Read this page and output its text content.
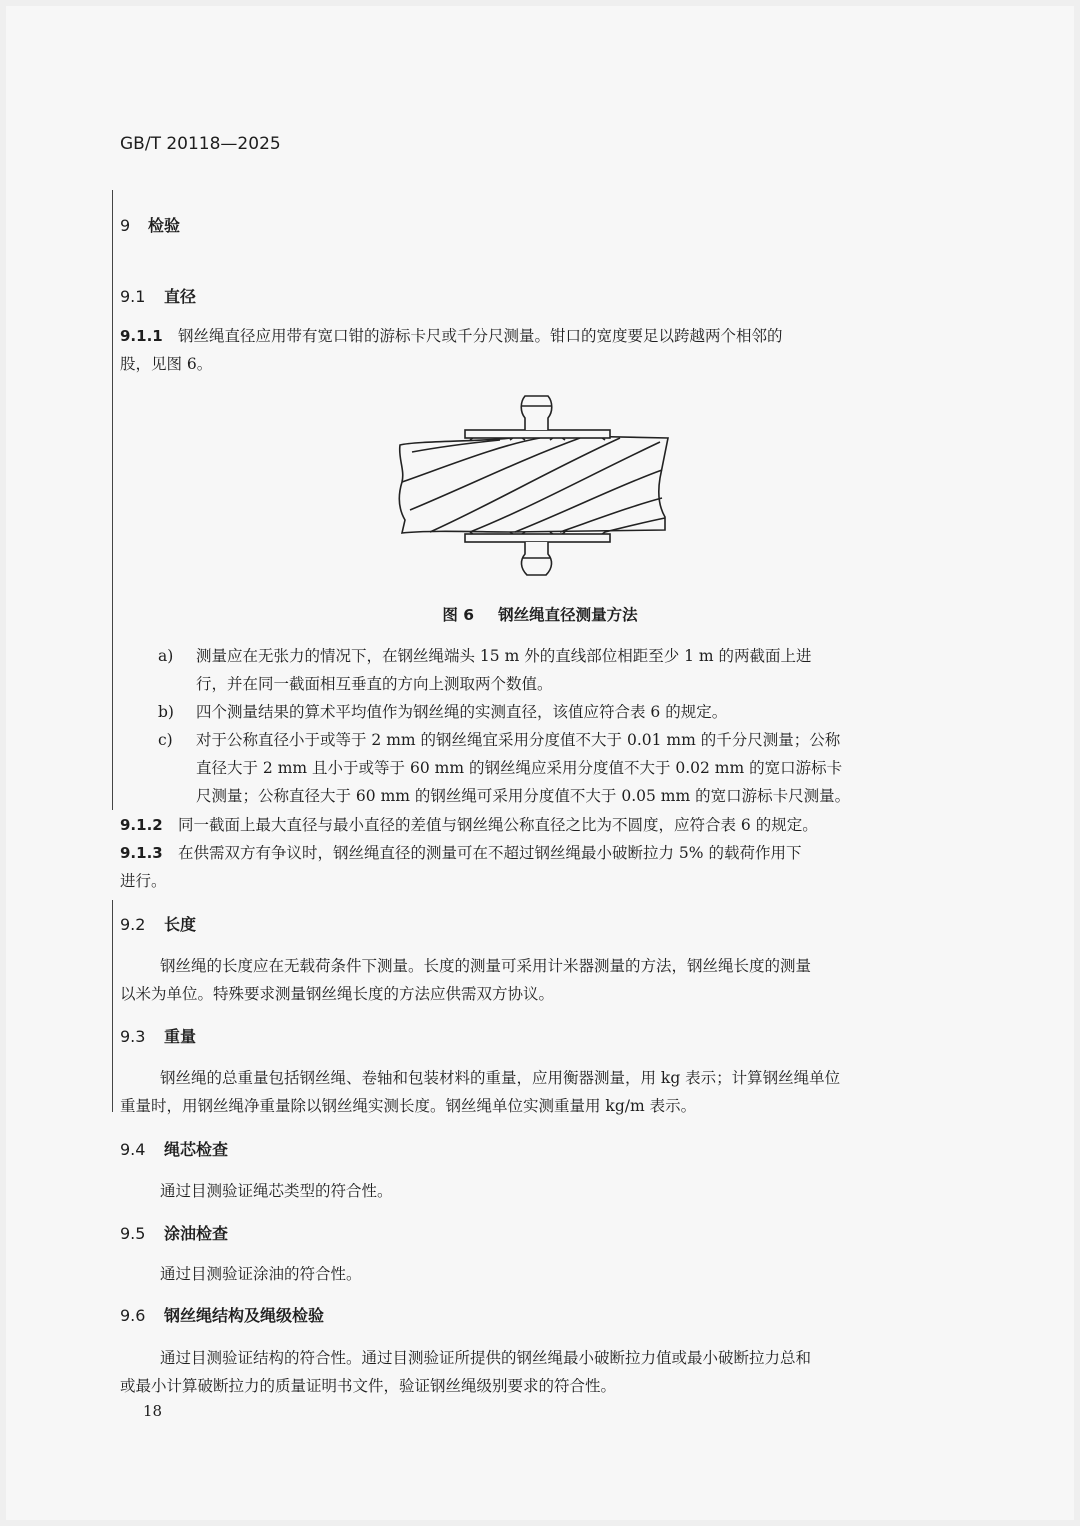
GB/T 20118—2025
9 检验
9.1 直径
9.1.1 钢丝绳直径应用带有宽口钳的游标卡尺或千分尺测量。钳口的宽度要足以跨越两个相邻的
股，见图 6。
图 6 钢丝绳直径测量方法
a) 测量应在无张力的情况下，在钢丝绳端头 15 m 外的直线部位相距至少 1 m 的两截面上进
行，并在同一截面相互垂直的方向上测取两个数值。
b) 四个测量结果的算术平均值作为钢丝绳的实测直径，该值应符合表 6 的规定。
c) 对于公称直径小于或等于 2 mm 的钢丝绳宜采用分度值不大于 0.01 mm 的千分尺测量；公称
直径大于 2 mm 且小于或等于 60 mm 的钢丝绳应采用分度值不大于 0.02 mm 的宽口游标卡
尺测量；公称直径大于 60 mm 的钢丝绳可采用分度值不大于 0.05 mm 的宽口游标卡尺测量。
9.1.2 同一截面上最大直径与最小直径的差值与钢丝绳公称直径之比为不圆度，应符合表 6 的规定。
9.1.3 在供需双方有争议时，钢丝绳直径的测量可在不超过钢丝绳最小破断拉力 5% 的载荷作用下
进行。
9.2 长度
钢丝绳的长度应在无载荷条件下测量。长度的测量可采用计米器测量的方法，钢丝绳长度的测量
以米为单位。特殊要求测量钢丝绳长度的方法应供需双方协议。
9.3 重量
钢丝绳的总重量包括钢丝绳、卷轴和包装材料的重量，应用衡器测量，用 kg 表示；计算钢丝绳单位
重量时，用钢丝绳净重量除以钢丝绳实测长度。钢丝绳单位实测重量用 kg/m 表示。
9.4 绳芯检查
通过目测验证绳芯类型的符合性。
9.5 涂油检查
通过目测验证涂油的符合性。
9.6 钢丝绳结构及绳级检验
通过目测验证结构的符合性。通过目测验证所提供的钢丝绳最小破断拉力值或最小破断拉力总和
或最小计算破断拉力的质量证明书文件，验证钢丝绳级别要求的符合性。
18
